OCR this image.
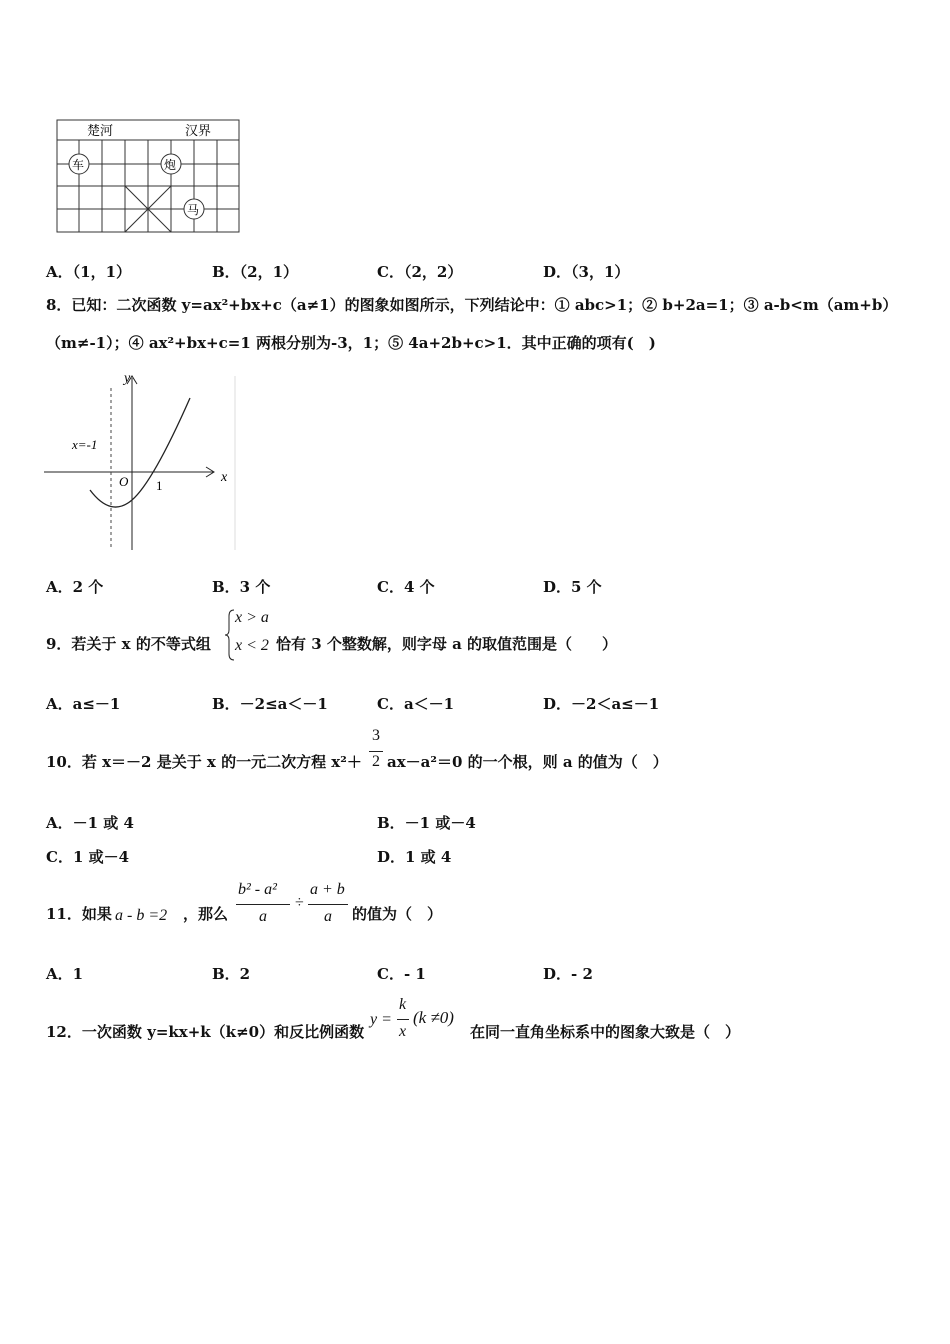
楚河	汉界
车	炮
马
A．（1，1）	B．（2，1）	C．（2，2）	D．（3，1）
8．已知：二次函数 y=ax²+bx+c（a≠1）的图象如图所示，下列结论中：① abc>1；② b+2a=1；③ a-b<m（am+b）
（m≠-1）；④ ax²+bx+c=1 两根分别为-3，1；⑤ 4a+2b+c>1．其中正确的项有(　)
y
x
x=-1
O 1
A．2 个	B．3 个	C．4 个	D．5 个
9．若关于 x 的不等式组
x > a
x < 2 恰有 3 个整数解，则字母 a 的取值范围是（　　）
A．a≤－1	B．－2≤a＜－1	C．a＜－1	D．－2＜a≤－1
10．若 x＝－2 是关于 x 的一元二次方程 x²＋
3
2 ax－a²＝0 的一个根，则 a 的值为（　）
A．－1 或 4	B．－1 或－4
C．1 或－4	D．1 或 4
11．如果 a - b =2 ，那么
b² - a²
a
÷
a + b
a 的值为（　）
A．1	B．2	C．- 1	D．- 2
12．一次函数 y=kx+k（k≠0）和反比例函数
y =
k
x
(k ≠0)
在同一直角坐标系中的图象大致是（　）
